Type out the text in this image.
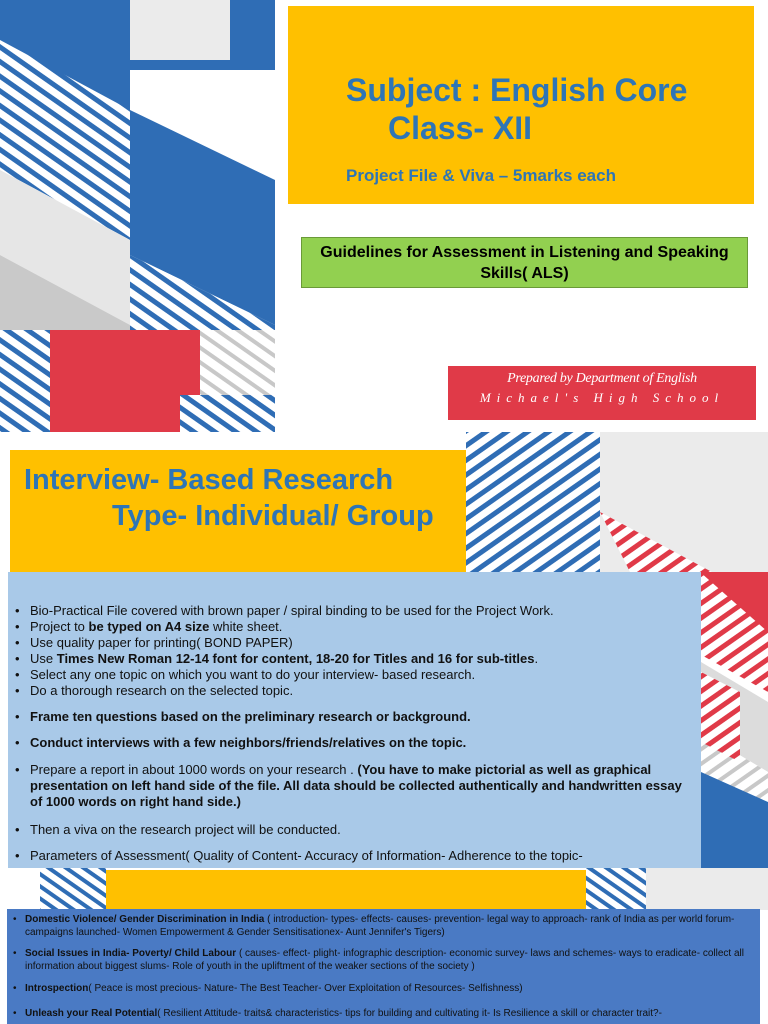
Subject : English Core
Class- XII
Project File & Viva – 5marks each
Guidelines for Assessment in Listening and Speaking Skills( ALS)
Prepared by Department of English
Michael's High School
Interview- Based Research
Type- Individual/ Group
• Bio-Practical File covered with brown paper / spiral binding to be used for the Project Work.
• Project to be typed on A4 size white sheet.
• Use quality paper for printing( BOND PAPER)
• Use Times New Roman 12-14 font for content, 18-20 for Titles and 16 for sub-titles.
• Select any one topic on which you want to do your interview- based research.
• Do a thorough research on the selected topic.
• Frame ten questions based on the preliminary research or background.
• Conduct interviews with a few neighbors/friends/relatives on the topic.
• Prepare a report in about 1000 words on your research . (You have to make pictorial as well as graphical presentation on left hand side of the file. All data should be collected authentically and handwritten essay of 1000 words on right hand side.)
• Then a viva on the research project will be conducted.
• Parameters of Assessment( Quality of Content- Accuracy of Information- Adherence to the topic-
• Domestic Violence/ Gender Discrimination in India ( introduction- types- effects- causes- prevention- legal way to approach- rank of India as per world forum- campaigns launched- Women Empowerment & Gender Sensitisationex- Aunt Jennifer's Tigers)
• Social Issues in India- Poverty/ Child Labour ( causes- effect- plight- infographic description- economic survey- laws and schemes- ways to eradicate- collect all information about biggest slums- Role of youth in the upliftment of the weaker sections of the society )
• Introspection( Peace is most precious- Nature- The Best Teacher- Over Exploitation of Resources- Selfishness)
• Unleash your Real Potential( Resilient Attitude- traits& characteristics- tips for building and cultivating it- Is Resilience a skill or character trait?-
